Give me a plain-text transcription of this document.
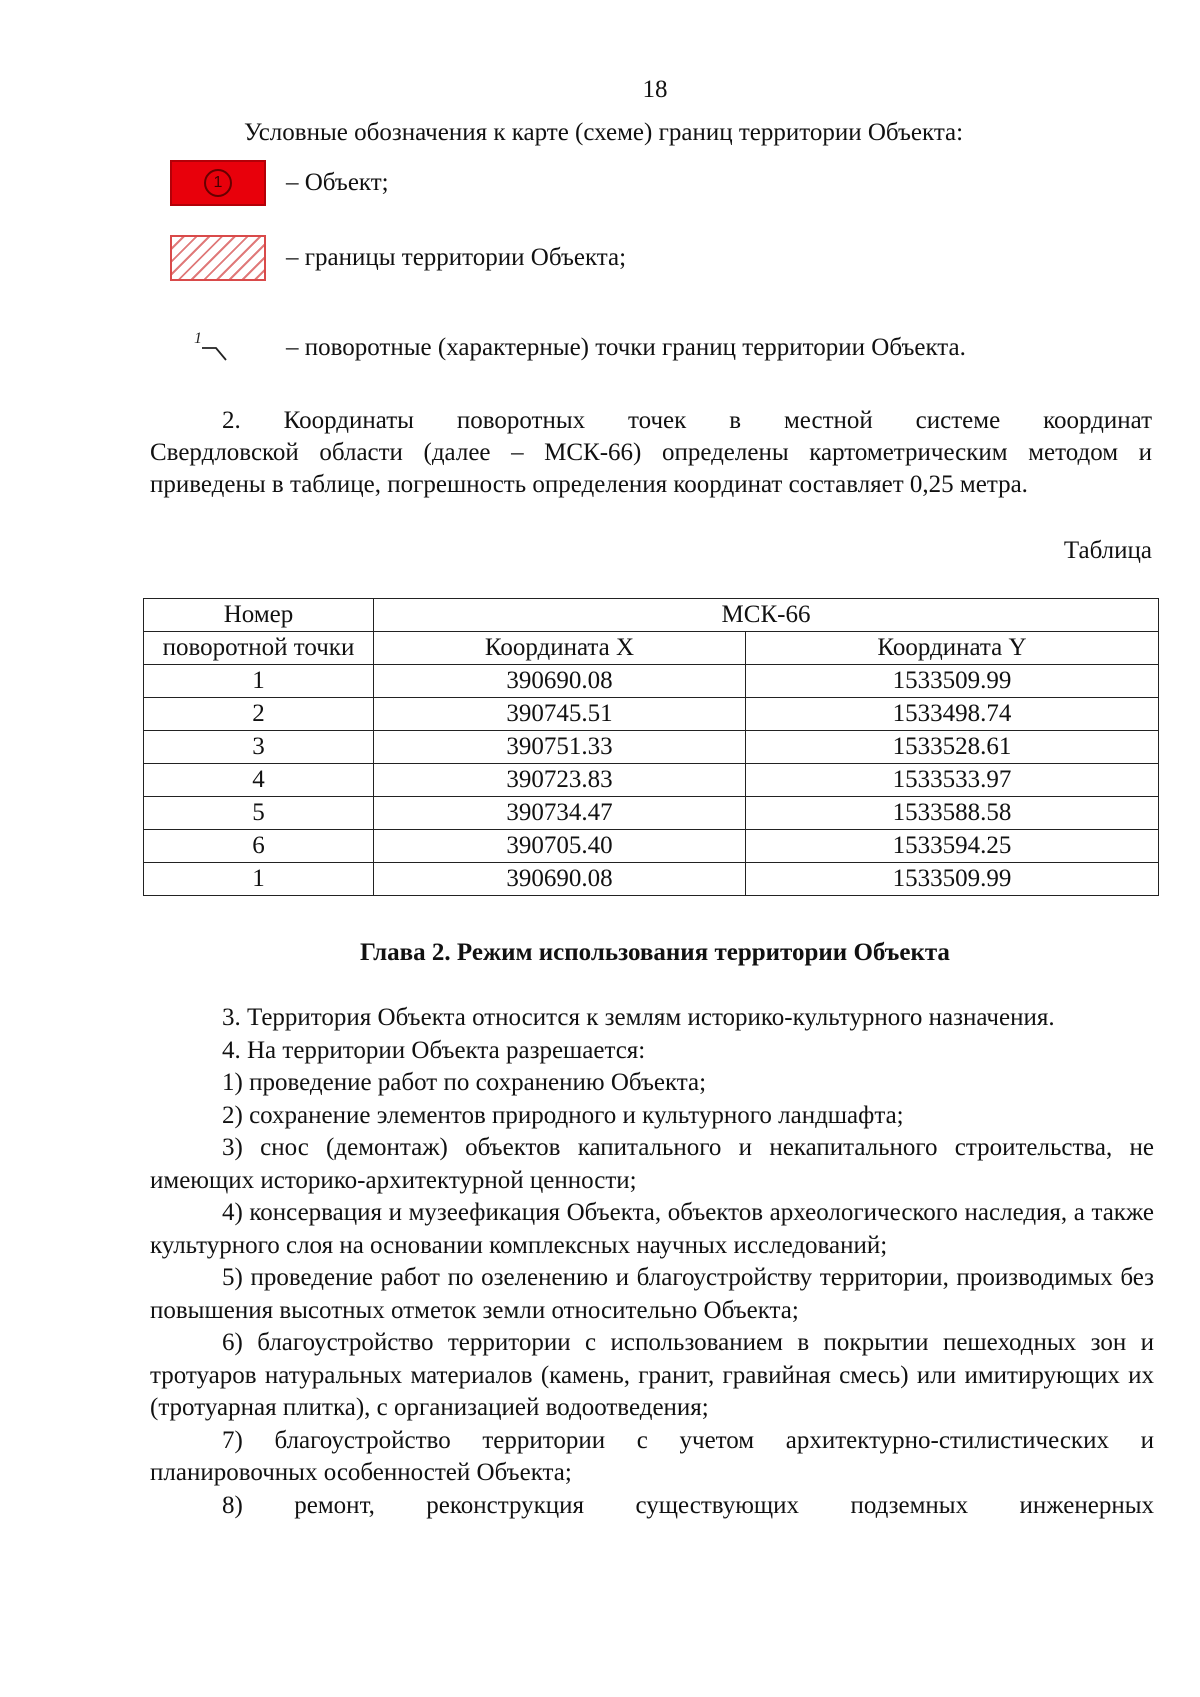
18
Условные обозначения к карте (схеме) границ территории Объекта:
1	– Объект;
– границы территории Объекта;
1	– поворотные (характерные) точки границ территории Объекта.
2. Координаты поворотных точек в местной системе координат
Свердловской области (далее – МСК-66) определены картометрическим методом и приведены в таблице, погрешность определения координат составляет 0,25 метра.
Таблица
Номер	МСК-66	
поворотной точки	Координата X	Координата Y
1	390690.08	1533509.99
2	390745.51	1533498.74
3	390751.33	1533528.61
4	390723.83	1533533.97
5	390734.47	1533588.58
6	390705.40	1533594.25
1	390690.08	1533509.99
Глава 2. Режим использования территории Объекта

3. Территория Объекта относится к землям историко-культурного назначения.

4. На территории Объекта разрешается:

1) проведение работ по сохранению Объекта;

2) сохранение элементов природного и культурного ландшафта;

3) снос (демонтаж) объектов капитального и некапитального строительства, не имеющих историко-архитектурной ценности;

4) консервация и музеефикация Объекта, объектов археологического наследия, а также культурного слоя на основании комплексных научных исследований;

5) проведение работ по озеленению и благоустройству территории, производимых без повышения высотных отметок земли относительно Объекта;

6) благоустройство территории с использованием в покрытии пешеходных зон и тротуаров натуральных материалов (камень, гранит, гравийная смесь) или имитирующих их (тротуарная плитка), с организацией водоотведения;

7) благоустройство территории с учетом архитектурно-стилистических и планировочных особенностей Объекта;

8) ремонт, реконструкция существующих подземных инженерных
